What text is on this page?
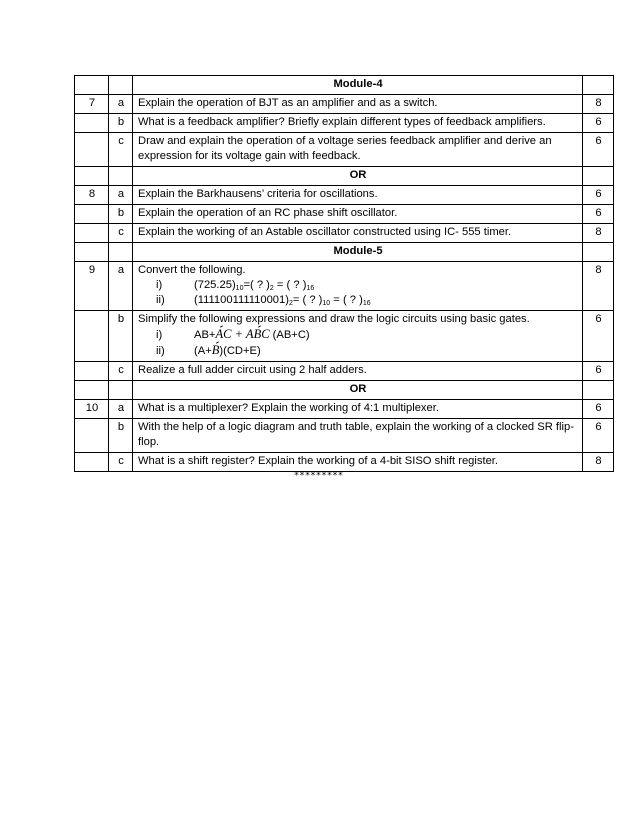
		Module-4	
7	a	Explain the operation of BJT as an amplifier and as a switch.	8
	b	What is a feedback amplifier? Briefly explain different types of feedback amplifiers.	6
	c	Draw and explain the operation of a voltage series feedback amplifier and derive an expression for its voltage gain with feedback.	6
		OR	
8	a	Explain the Barkhausens’ criteria for oscillations.	6
	b	Explain the operation of an RC phase shift oscillator.	6
	c	Explain the working of an Astable oscillator constructed using IC- 555 timer.	8
		Module-5	
9	a	Convert the following.
i) $(725.25)_{10}=$( ? )$_2$ = ( ? )$_{16}$
ii) $(111100111110001)_2=$ ( ? )$_{10}$ = ( ? )$_{16}$	8
	b	Simplify the following expressions and draw the logic circuits using basic gates.
i) AB+AC + ABC (AB+C)
ii) (A+B)(CD+E)	6
	c	Realize a full adder circuit using 2 half adders.	6
		OR	
10	a	What is a multiplexer? Explain the working of 4:1 multiplexer.	6
	b	With the help of a logic diagram and truth table, explain the working of a clocked SR flip-flop.	6
	c	What is a shift register? Explain the working of a 4-bit SISO shift register.	8
*********
